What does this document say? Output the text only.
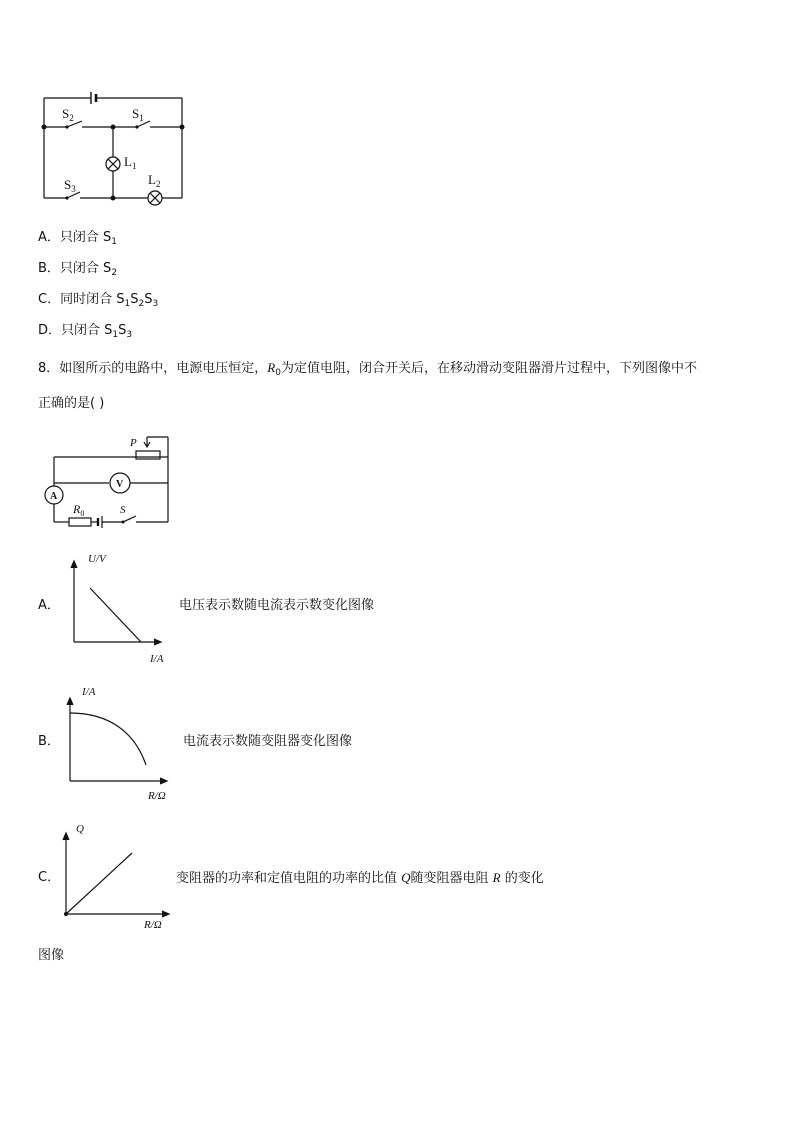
$S_2$	$S_1$
$L_1$
$S_3$
$L_2$
A．只闭合 $S_1$
B．只闭合 $S_2$
C．同时闭合 $S_1S_2S_3$
D．只闭合 $S_1S_3$
8．如图所示的电路中，电源电压恒定，$R_0$为定值电阻，闭合开关后，在移动滑动变阻器滑片过程中，下列图像中不
正确的是( )
P
V
A
$R_0$	S
A．
U/V
I/A
电压表示数随电流表示数变化图像
B．
I/A
R/Ω
电流表示数随变阻器变化图像
C．
Q
R/Ω
变阻器的功率和定值电阻的功率的比值 Q随变阻器电阻 R 的变化
图像
